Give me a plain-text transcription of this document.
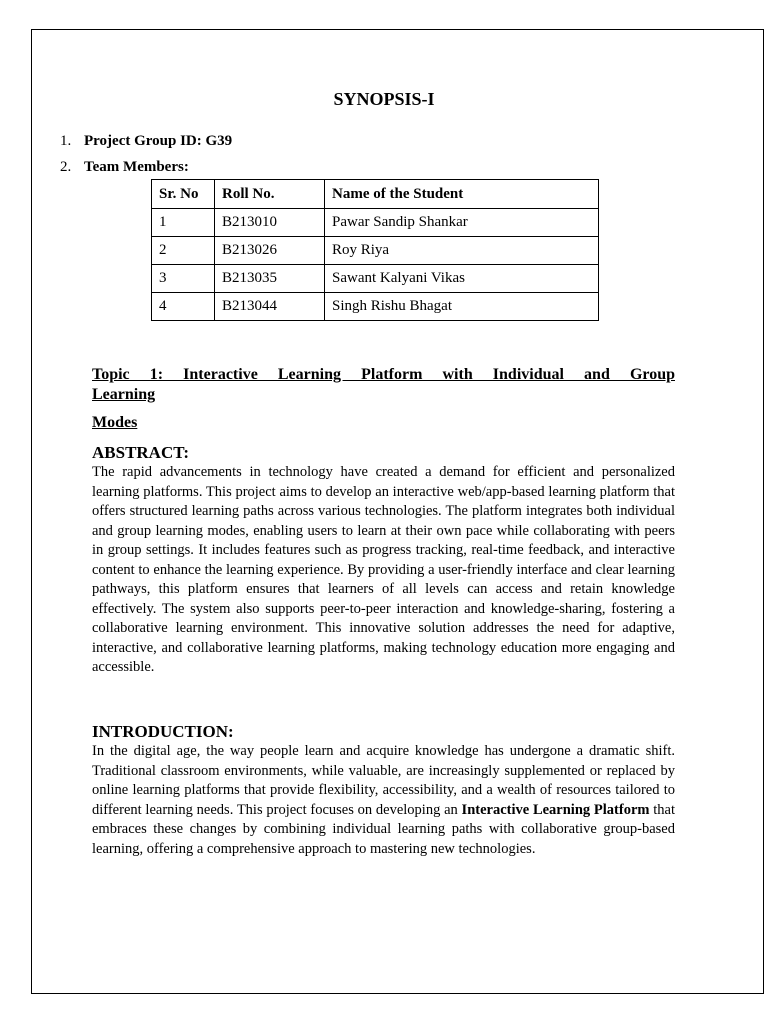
SYNOPSIS-I
1. Project Group ID: G39
2. Team Members:
Sr. No	Roll No.	Name of the Student
1	B213010	Pawar Sandip Shankar
2	B213026	Roy Riya
3	B213035	Sawant Kalyani Vikas
4	B213044	Singh Rishu Bhagat
Topic 1: Interactive Learning Platform with Individual and Group
Learning
Modes
ABSTRACT:
The rapid advancements in technology have created a demand for efficient and personalized learning platforms. This project aims to develop an interactive web/app-based learning platform that offers structured learning paths across various technologies. The platform integrates both individual and group learning modes, enabling users to learn at their own pace while collaborating with peers in group settings. It includes features such as progress tracking, real-time feedback, and interactive content to enhance the learning experience. By providing a user-friendly interface and clear learning pathways, this platform ensures that learners of all levels can access and retain knowledge effectively. The system also supports peer-to-peer interaction and knowledge-sharing, fostering a collaborative learning environment. This innovative solution addresses the need for adaptive, interactive, and collaborative learning platforms, making technology education more engaging and accessible.
INTRODUCTION:
In the digital age, the way people learn and acquire knowledge has undergone a dramatic shift. Traditional classroom environments, while valuable, are increasingly supplemented or replaced by online learning platforms that provide flexibility, accessibility, and a wealth of resources tailored to different learning needs. This project focuses on developing an Interactive Learning Platform that embraces these changes by combining individual learning paths with collaborative group-based learning, offering a comprehensive approach to mastering new technologies.
